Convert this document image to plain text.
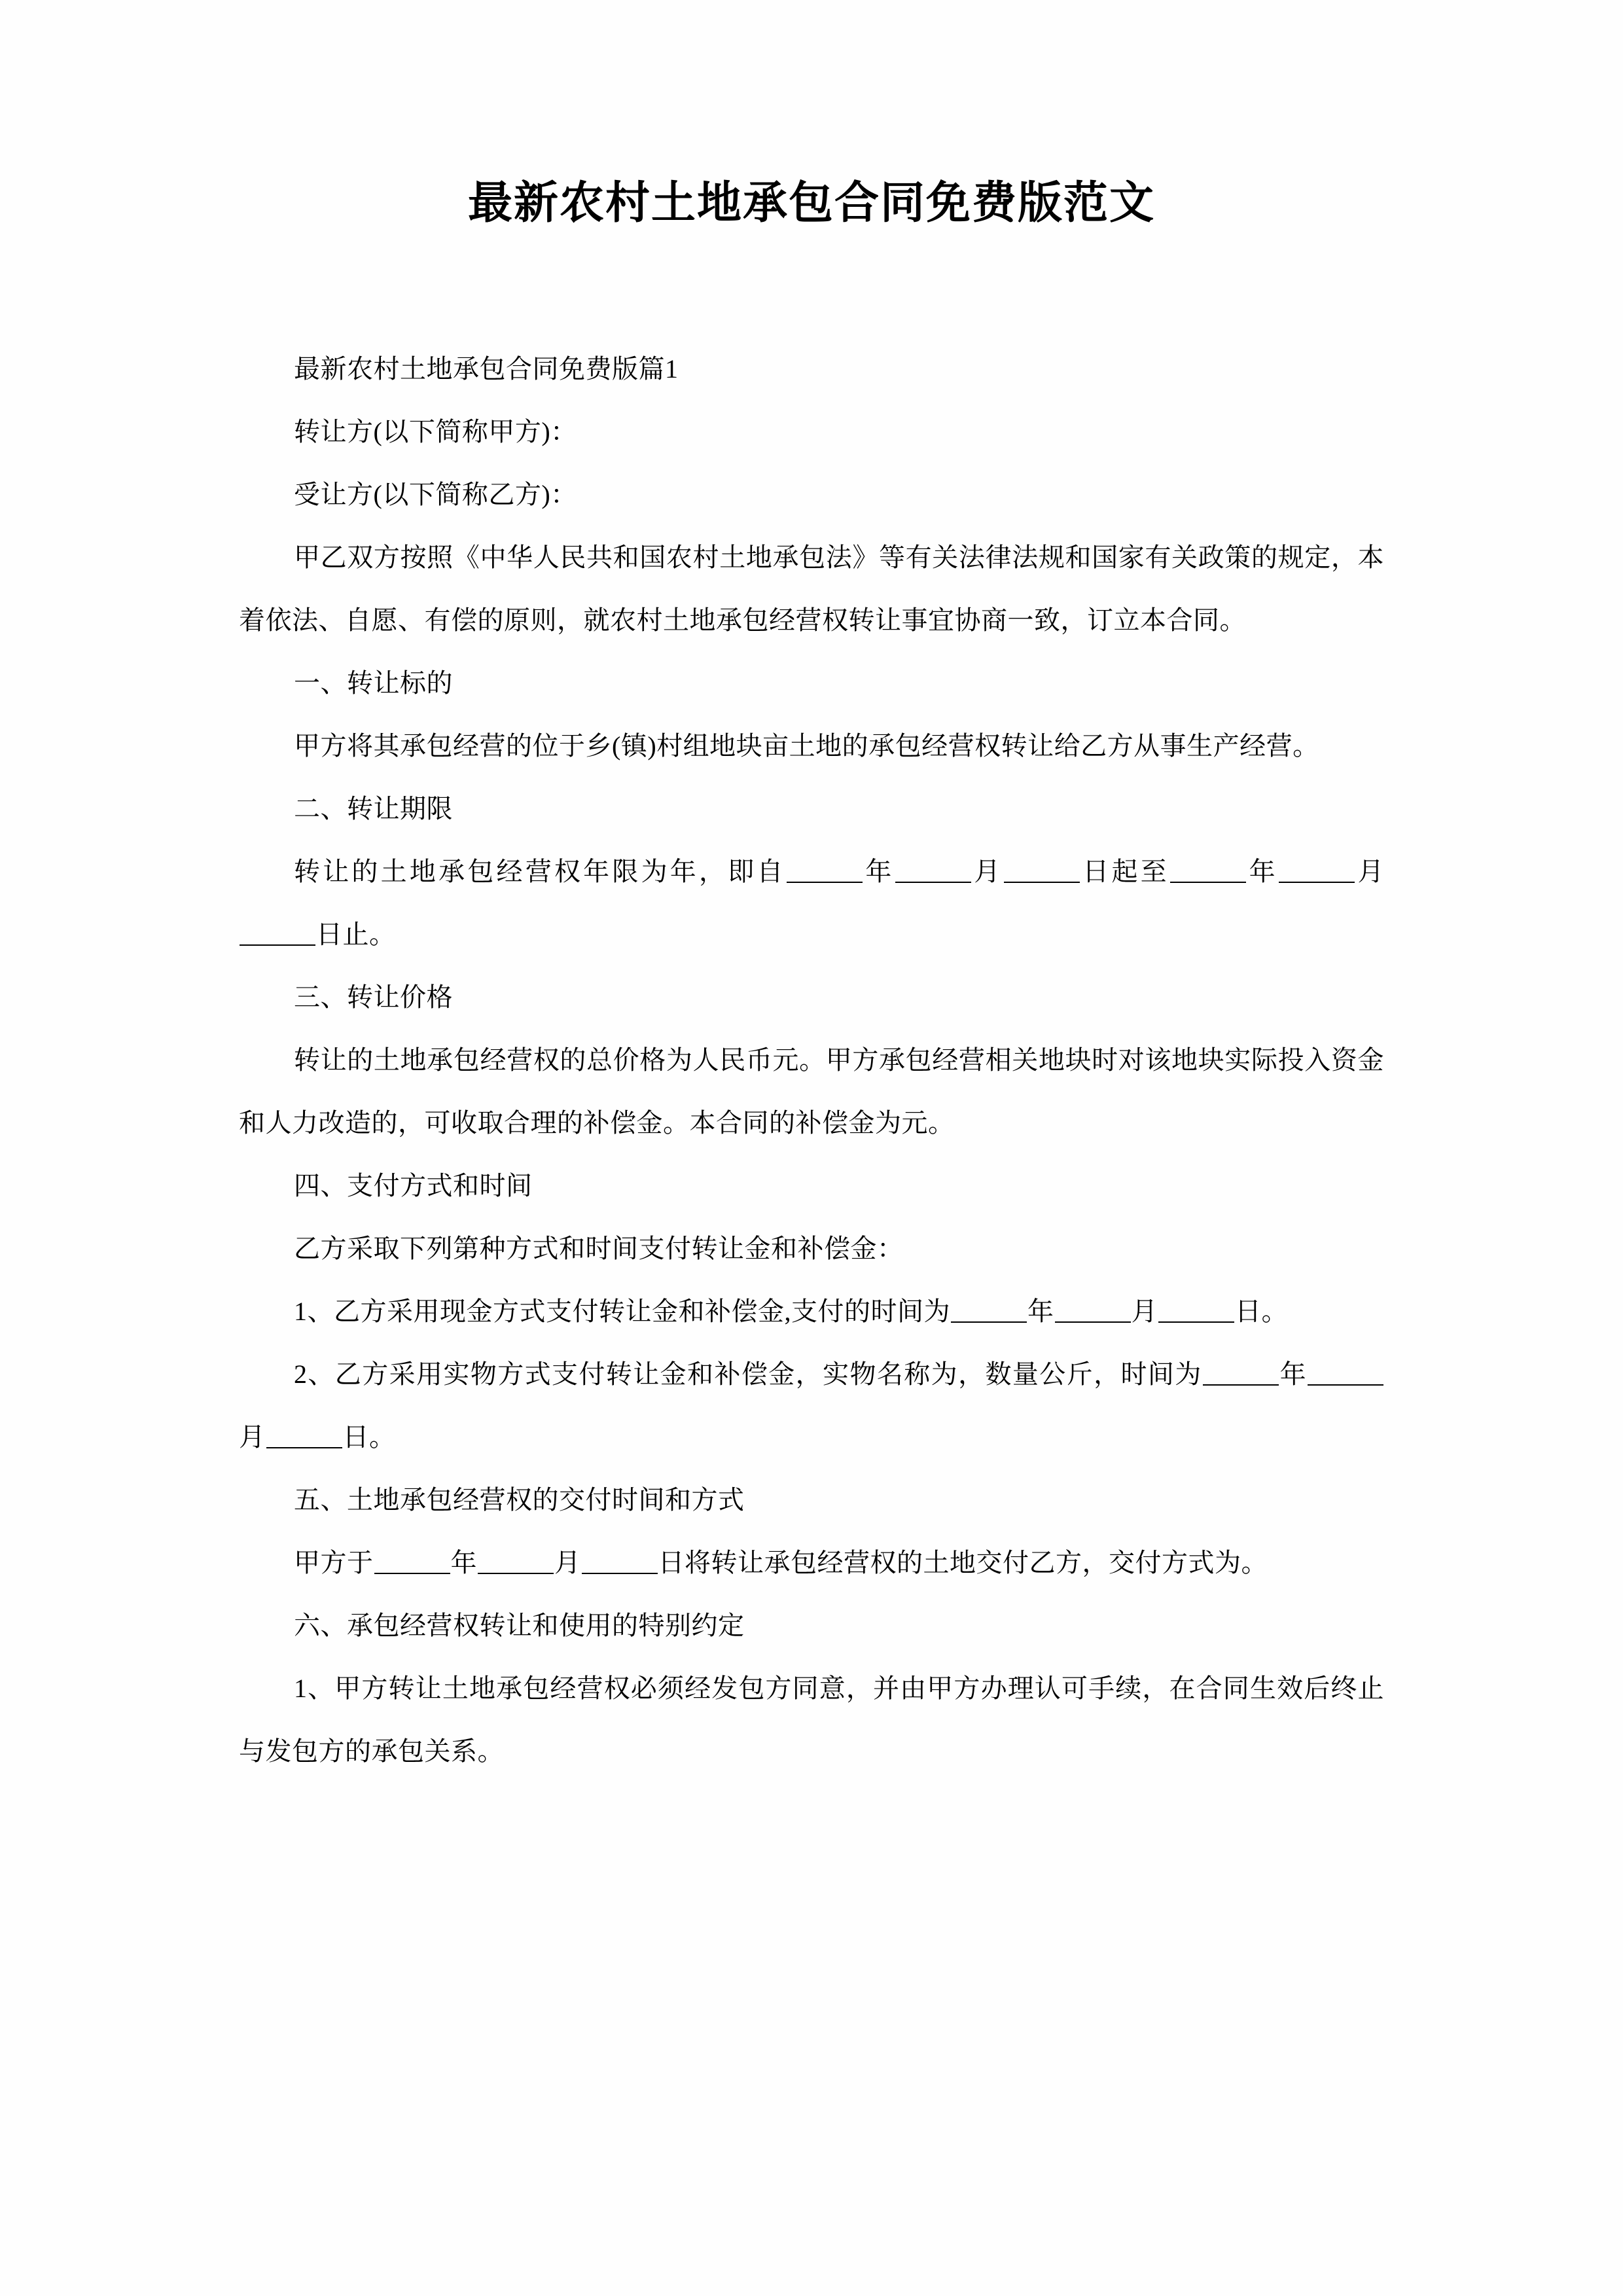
最新农村土地承包合同免费版范文

最新农村土地承包合同免费版篇1

转让方(以下简称甲方)：

受让方(以下简称乙方)：

甲乙双方按照《中华人民共和国农村土地承包法》等有关法律法规和国家有关政策的规定，本着依法、自愿、有偿的原则，就农村土地承包经营权转让事宜协商一致，订立本合同。

一、转让标的

甲方将其承包经营的位于乡(镇)村组地块亩土地的承包经营权转让给乙方从事生产经营。

二、转让期限

转让的土地承包经营权年限为年，即自	年	月	日起至	年	月日止。

三、转让价格

转让的土地承包经营权的总价格为人民币元。甲方承包经营相关地块时对该地块实际投入资金和人力改造的，可收取合理的补偿金。本合同的补偿金为元。

四、支付方式和时间

乙方采取下列第种方式和时间支付转让金和补偿金：

1、乙方采用现金方式支付转让金和补偿金,支付的时间为	年	月	日。

2、乙方采用实物方式支付转让金和补偿金，实物名称为，数量公斤，时间为	年月	日。

五、土地承包经营权的交付时间和方式

甲方于	年	月	日将转让承包经营权的土地交付乙方，交付方式为。

六、承包经营权转让和使用的特别约定

1、甲方转让土地承包经营权必须经发包方同意，并由甲方办理认可手续，在合同生效后终止与发包方的承包关系。
